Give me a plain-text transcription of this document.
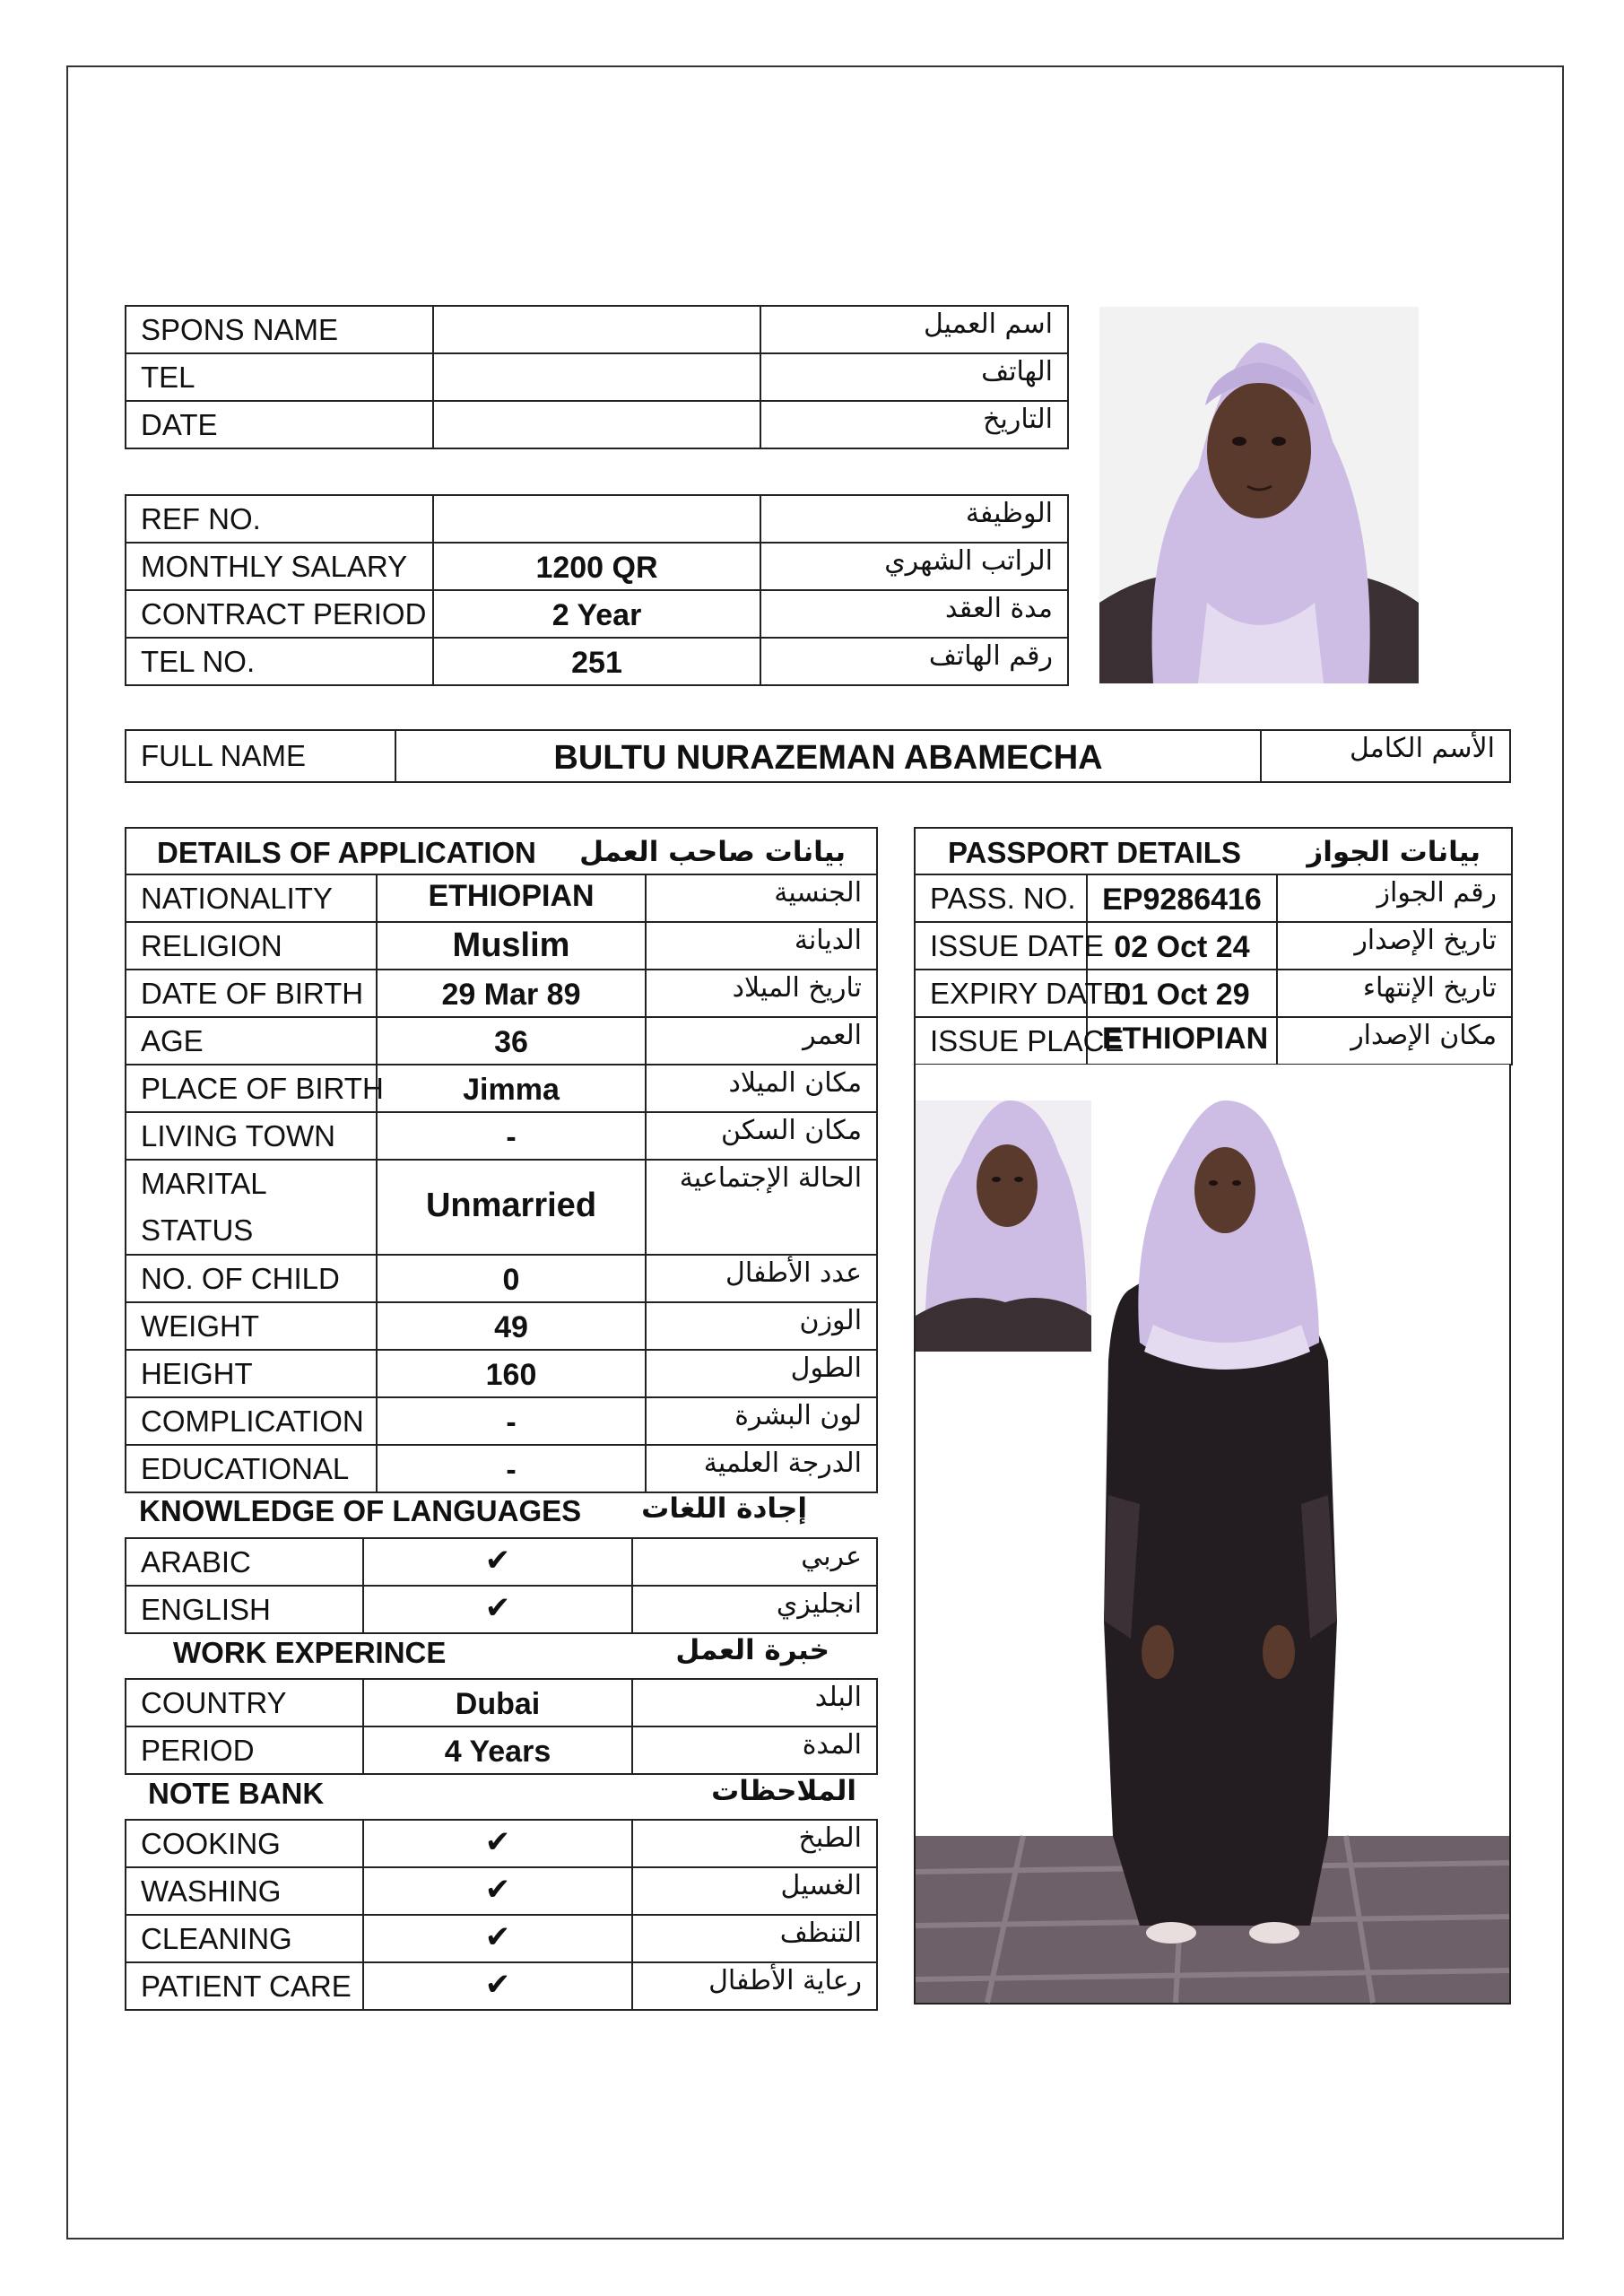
SPONS NAME		اسم العميل
TEL		الهاتف
DATE		التاريخ
REF NO.		الوظيفة
MONTHLY SALARY	1200 QR	الراتب الشهري
CONTRACT PERIOD	2 Year	مدة العقد
TEL NO.	251	رقم الهاتف
FULL NAME	BULTU NURAZEMAN ABAMECHA	الأسم الكامل
DETAILS OF APPLICATION بيانات صاحب العمل		

NATIONALITY	ETHIOPIAN	الجنسية
RELIGION	Muslim	الديانة
DATE OF BIRTH	29 Mar 89	تاريخ الميلاد
AGE	36	العمر
PLACE OF BIRTH	Jimma	مكان الميلاد
LIVING TOWN	-	مكان السكن
MARITAL
STATUS	Unmarried	الحالة الإجتماعية
NO. OF CHILD	0	عدد الأطفال
WEIGHT	49	الوزن
HEIGHT	160	الطول
COMPLICATION	-	لون البشرة
EDUCATIONAL	-	الدرجة العلمية
KNOWLEDGE OF LANGUAGES إجادة اللغات
ARABIC	✔	عربي
ENGLISH	✔	انجليزي
WORK EXPERINCE	خبرة العمل
COUNTRY	Dubai	البلد
PERIOD	4 Years	المدة
NOTE BANK	الملاحظات
COOKING	✔	الطبخ
WASHING	✔	الغسيل
CLEANING	✔	التنظف
PATIENT CARE	✔	رعاية الأطفال
PASSPORT DETAILS بيانات الجواز		

PASS. NO.	EP9286416	رقم الجواز
ISSUE DATE	02 Oct 24	تاريخ الإصدار
EXPIRY DATE	01 Oct 29	تاريخ الإنتهاء
ISSUE PLACE	ETHIOPIAN	مكان الإصدار
